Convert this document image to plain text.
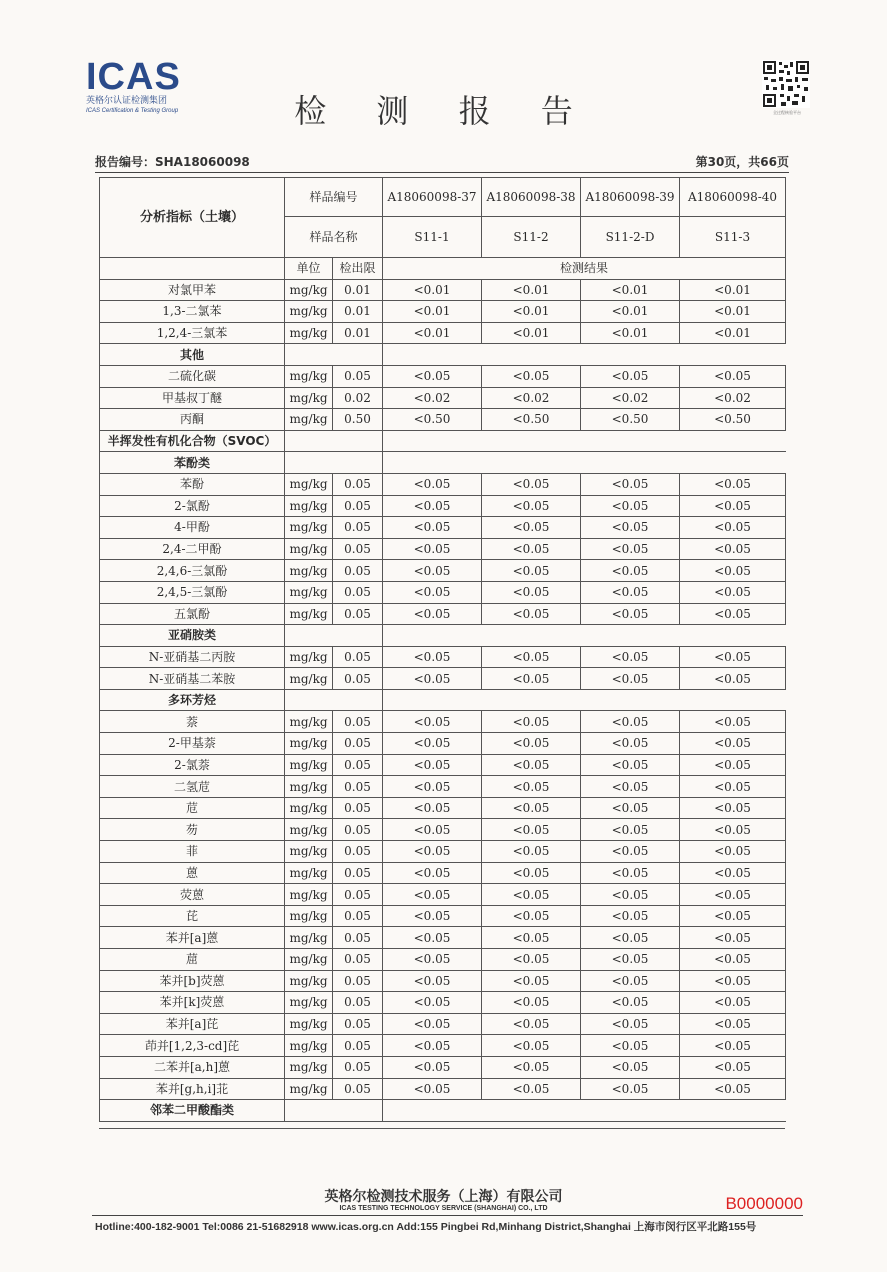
ICAS
英格尔认证检测集团
ICAS Certification & Testing Group	检 测 报 告	全过程核验平台
报告编号：SHA18060098	第30页，共66页
分析指标（土壤）	样品编号		A18060098-37	A18060098-38	A18060098-39	A18060098-40
	样品名称		S11-1	S11-2	S11-2-D	S11-3
	单位	检出限	检测结果			
对氯甲苯	mg/kg	0.01	<0.01	<0.01	<0.01	<0.01
1,3-二氯苯	mg/kg	0.01	<0.01	<0.01	<0.01	<0.01
1,2,4-三氯苯	mg/kg	0.01	<0.01	<0.01	<0.01	<0.01
其他						
二硫化碳	mg/kg	0.05	<0.05	<0.05	<0.05	<0.05
甲基叔丁醚	mg/kg	0.02	<0.02	<0.02	<0.02	<0.02
丙酮	mg/kg	0.50	<0.50	<0.50	<0.50	<0.50
半挥发性有机化合物（SVOC）						
苯酚类						
苯酚	mg/kg	0.05	<0.05	<0.05	<0.05	<0.05
2-氯酚	mg/kg	0.05	<0.05	<0.05	<0.05	<0.05
4-甲酚	mg/kg	0.05	<0.05	<0.05	<0.05	<0.05
2,4-二甲酚	mg/kg	0.05	<0.05	<0.05	<0.05	<0.05
2,4,6-三氯酚	mg/kg	0.05	<0.05	<0.05	<0.05	<0.05
2,4,5-三氯酚	mg/kg	0.05	<0.05	<0.05	<0.05	<0.05
五氯酚	mg/kg	0.05	<0.05	<0.05	<0.05	<0.05
亚硝胺类						
N-亚硝基二丙胺	mg/kg	0.05	<0.05	<0.05	<0.05	<0.05
N-亚硝基二苯胺	mg/kg	0.05	<0.05	<0.05	<0.05	<0.05
多环芳烃						
萘	mg/kg	0.05	<0.05	<0.05	<0.05	<0.05
2-甲基萘	mg/kg	0.05	<0.05	<0.05	<0.05	<0.05
2-氯萘	mg/kg	0.05	<0.05	<0.05	<0.05	<0.05
二氢苊	mg/kg	0.05	<0.05	<0.05	<0.05	<0.05
苊	mg/kg	0.05	<0.05	<0.05	<0.05	<0.05
芴	mg/kg	0.05	<0.05	<0.05	<0.05	<0.05
菲	mg/kg	0.05	<0.05	<0.05	<0.05	<0.05
蒽	mg/kg	0.05	<0.05	<0.05	<0.05	<0.05
荧蒽	mg/kg	0.05	<0.05	<0.05	<0.05	<0.05
芘	mg/kg	0.05	<0.05	<0.05	<0.05	<0.05
苯并[a]蒽	mg/kg	0.05	<0.05	<0.05	<0.05	<0.05
䓛	mg/kg	0.05	<0.05	<0.05	<0.05	<0.05
苯并[b]荧蒽	mg/kg	0.05	<0.05	<0.05	<0.05	<0.05
苯并[k]荧蒽	mg/kg	0.05	<0.05	<0.05	<0.05	<0.05
苯并[a]芘	mg/kg	0.05	<0.05	<0.05	<0.05	<0.05
茚并[1,2,3-cd]芘	mg/kg	0.05	<0.05	<0.05	<0.05	<0.05
二苯并[a,h]蒽	mg/kg	0.05	<0.05	<0.05	<0.05	<0.05
苯并[g,h,i]苝	mg/kg	0.05	<0.05	<0.05	<0.05	<0.05
邻苯二甲酸酯类						
英格尔检测技术服务（上海）有限公司
ICAS TESTING TECHNOLOGY SERVICE (SHANGHAI) CO., LTD	B0000000
Hotline:400-182-9001 Tel:0086 21-51682918 www.icas.org.cn Add:155 Pingbei Rd,Minhang District,Shanghai 上海市闵行区平北路155号
